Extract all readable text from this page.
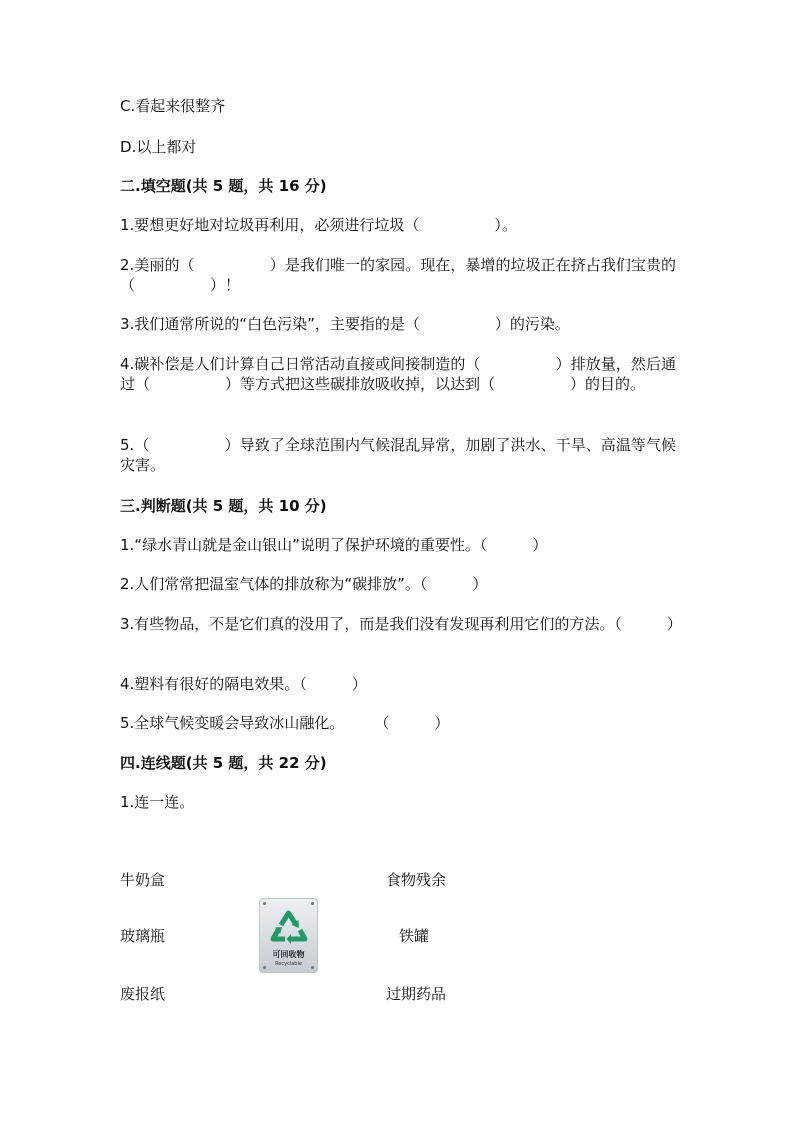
C.看起来很整齐
D.以上都对
二.填空题(共 5 题，共 16 分)
1.要想更好地对垃圾再利用，必须进行垃圾（　　　　　）。
2.美丽的（　　　　　）是我们唯一的家园。现在，暴增的垃圾正在挤占我们宝贵的（　　　　　）！
3.我们通常所说的“白色污染”，主要指的是（　　　　　）的污染。
4.碳补偿是人们计算自己日常活动直接或间接制造的（　　　　　）排放量，然后通过（　　　　　）等方式把这些碳排放吸收掉，以达到（　　　　　）的目的。
5.（　　　　　）导致了全球范围内气候混乱异常，加剧了洪水、干旱、高温等气候灾害。
三.判断题(共 5 题，共 10 分)
1.“绿水青山就是金山银山”说明了保护环境的重要性。（　　　）
2.人们常常把温室气体的排放称为“碳排放”。（　　　）
3.有些物品，不是它们真的没用了，而是我们没有发现再利用它们的方法。（　　　）
4.塑料有很好的隔电效果。（　　　）
5.全球气候变暖会导致冰山融化。　　　（　　　）
四.连线题(共 5 题，共 22 分)
1.连一连。
牛奶盒
玻璃瓶
废报纸
食物残余
铁罐
过期药品
可回收物
Recyclable
